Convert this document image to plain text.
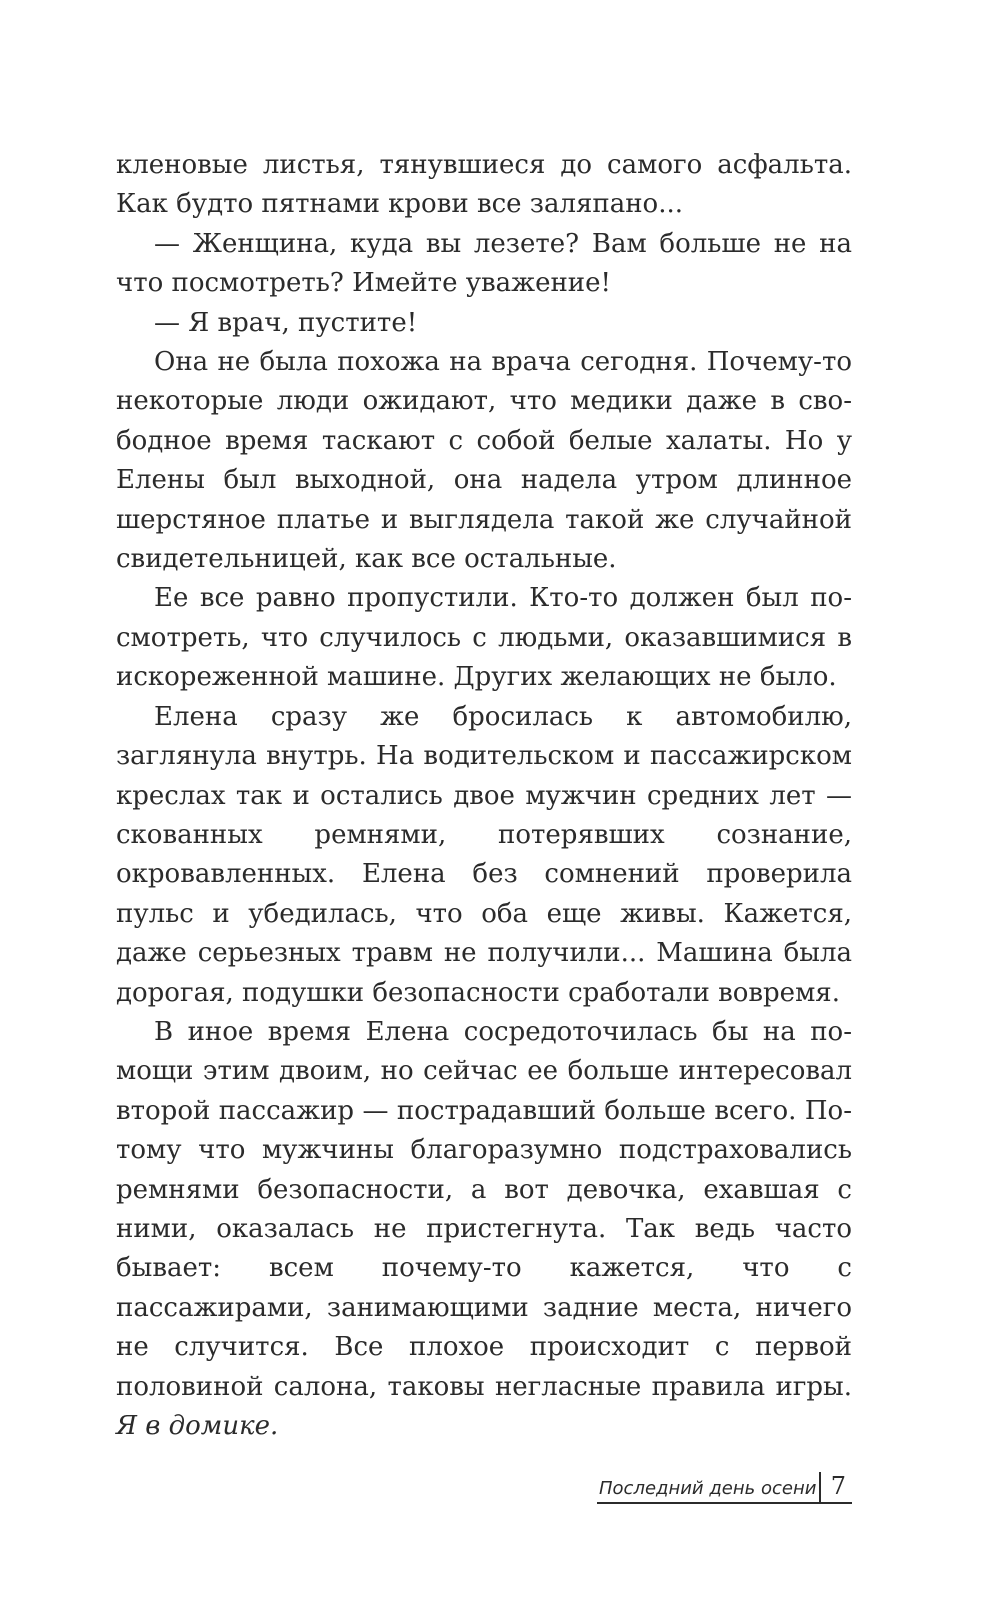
кленовые листья, тянувшиеся до самого асфальта. Как будто пятнами крови все заляпано...

— Женщина, куда вы лезете? Вам больше не на что посмотреть? Имейте уважение!

— Я врач, пустите!

Она не была похожа на врача сегодня. Почему-то некоторые люди ожидают, что медики даже в свободное время таскают с собой белые халаты. Но у Елены был выходной, она надела утром длинное шерстяное платье и выглядела такой же случайной свидетельницей, как все остальные.

Ее все равно пропустили. Кто-то должен был посмотреть, что случилось с людьми, оказавшимися в искореженной машине. Других желающих не было.

Елена сразу же бросилась к автомобилю, заглянула внутрь. На водительском и пассажирском креслах так и остались двое мужчин средних лет — скованных ремнями, потерявших сознание, окровавленных. Елена без сомнений проверила пульс и убедилась, что оба еще живы. Кажется, даже серьезных травм не получили... Машина была дорогая, подушки безопасности сработали вовремя.

В иное время Елена сосредоточилась бы на помощи этим двоим, но сейчас ее больше интересовал второй пассажир — пострадавший больше всего. Потому что мужчины благоразумно подстраховались ремнями безопасности, а вот девочка, ехавшая с ними, оказалась не пристегнута. Так ведь часто бывает: всем почему-то кажется, что с пассажирами, занимающими задние места, ничего не случится. Все плохое происходит с первой половиной салона, таковы негласные правила игры. Я в домике.

Последний день осени 7
